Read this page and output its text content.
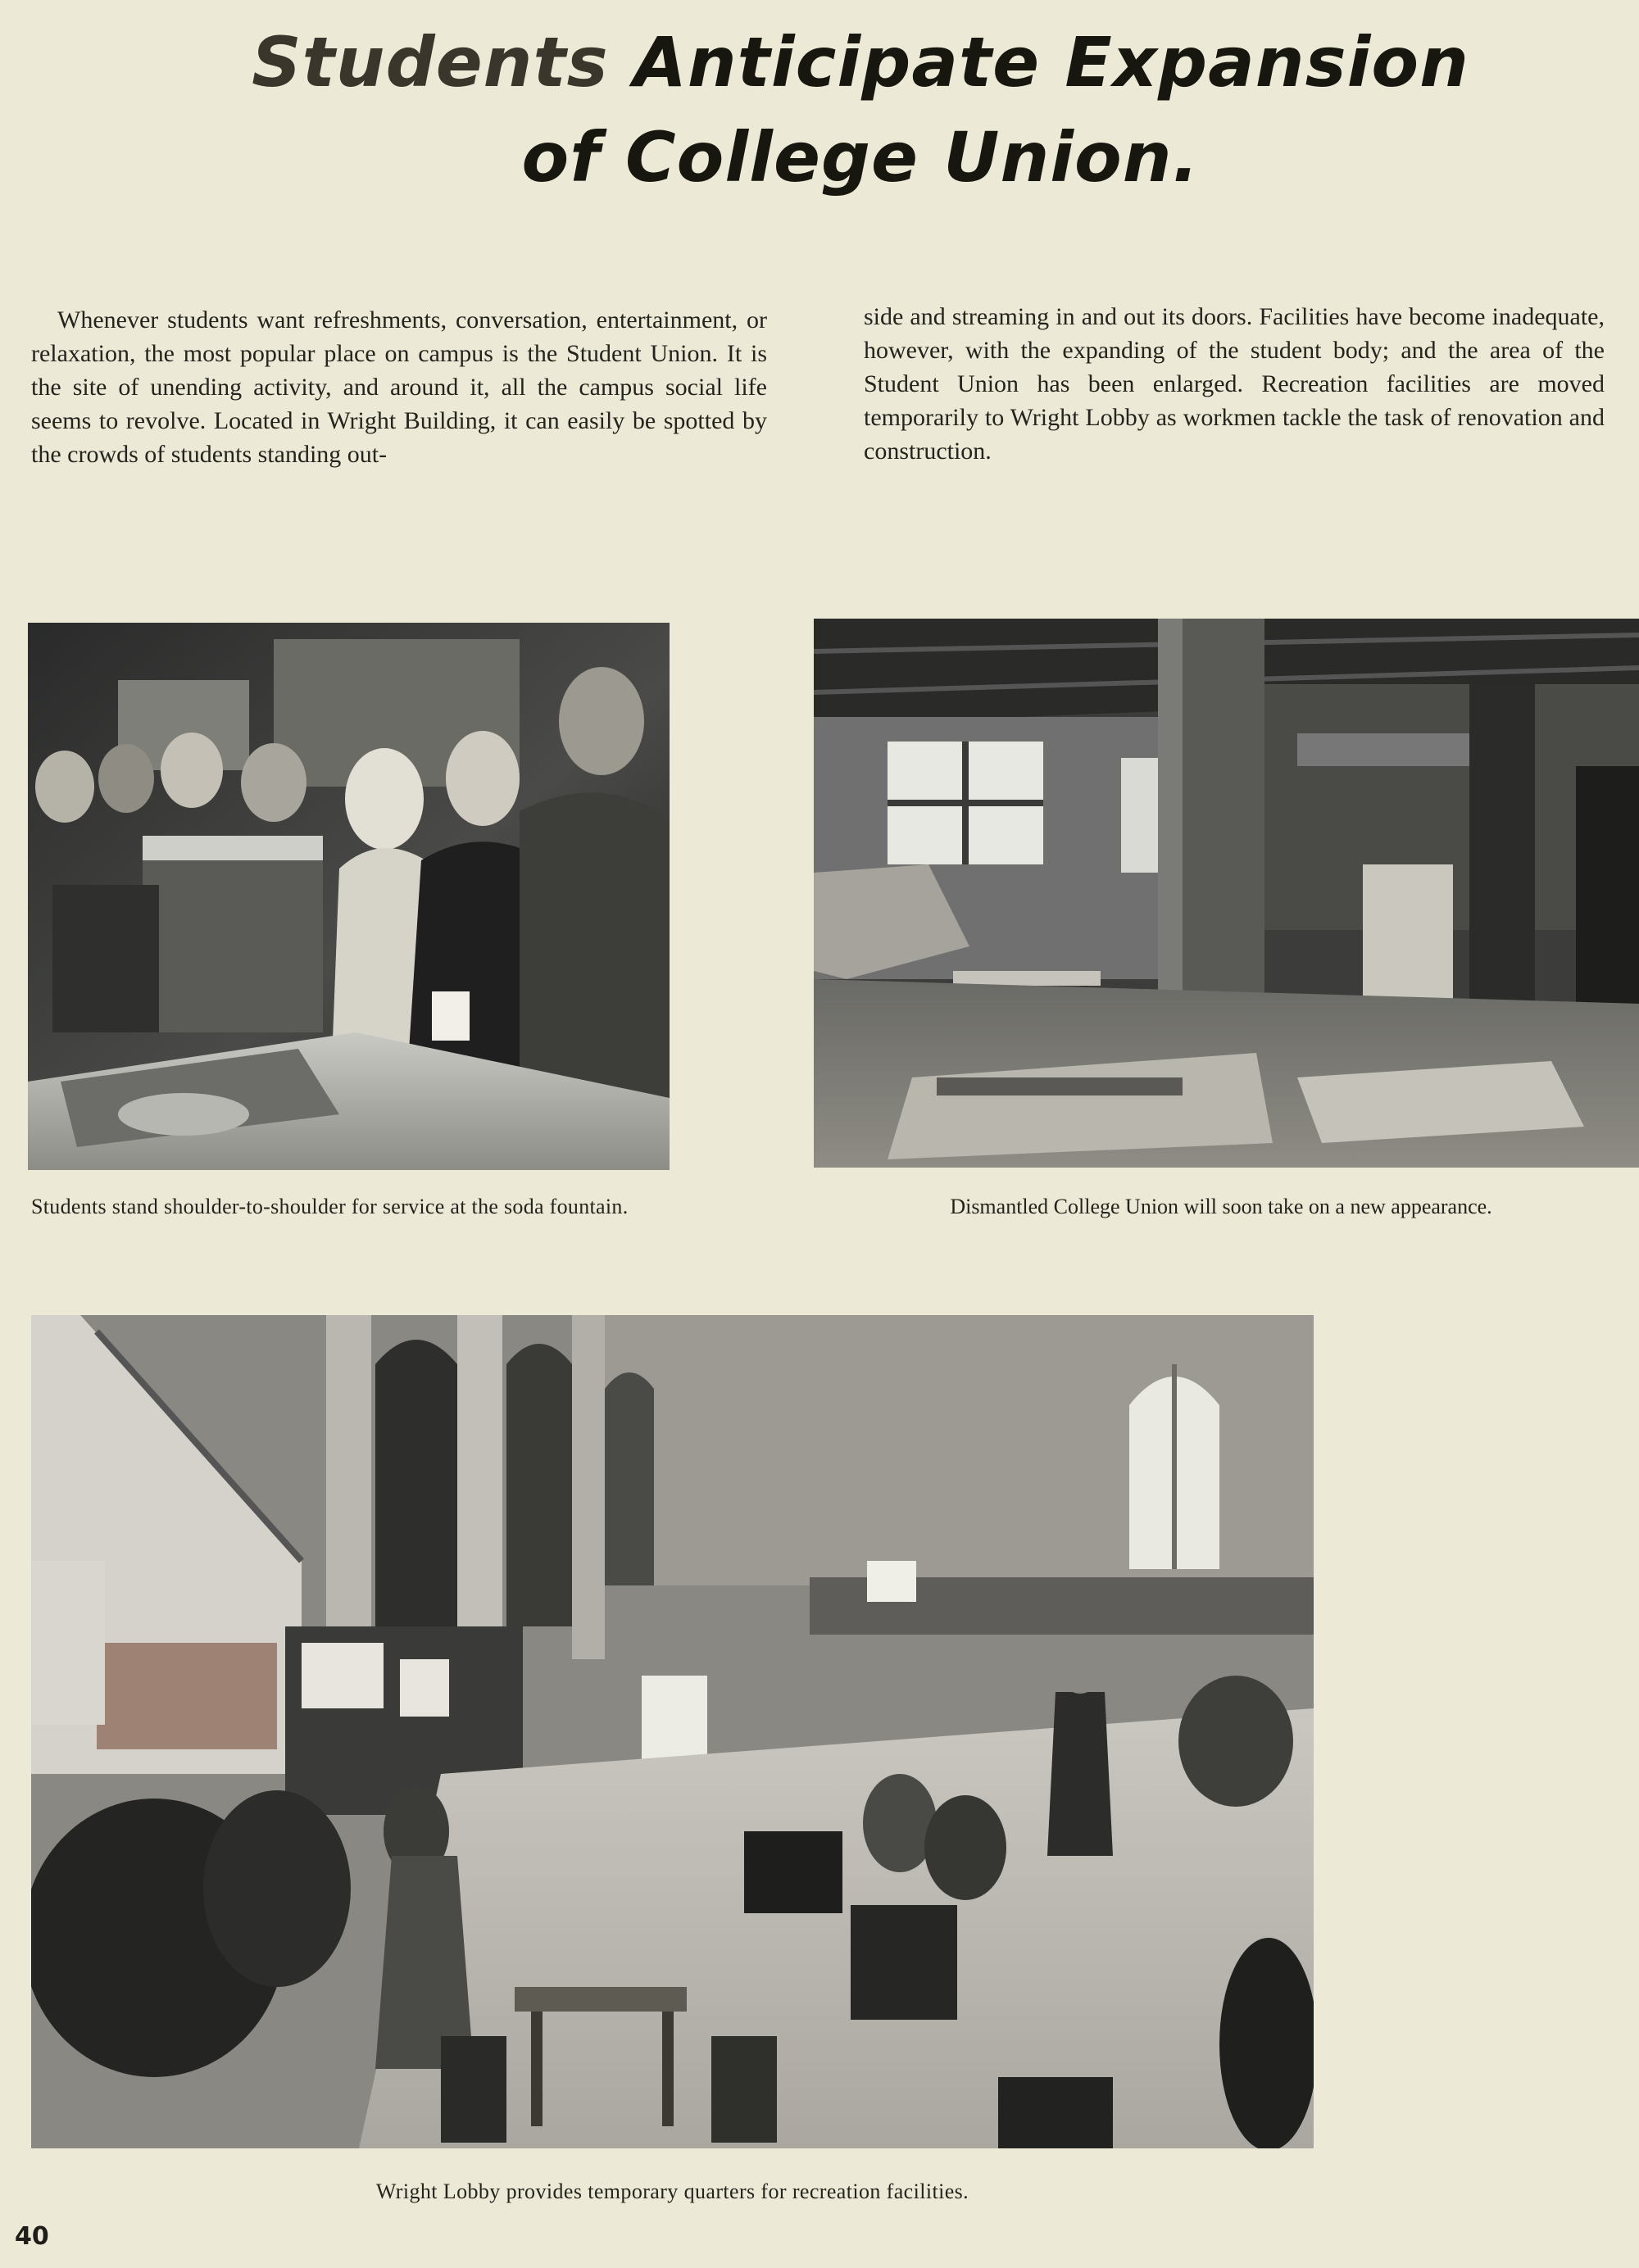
Students Anticipate Expansion of College Union.

Whenever students want refreshments, conversation, entertainment, or relaxation, the most popular place on campus is the Student Union. It is the site of unending activity, and around it, all the campus social life seems to revolve. Located in Wright Building, it can easily be spotted by the crowds of students standing out-

side and streaming in and out its doors. Facilities have become inadequate, however, with the expanding of the student body; and the area of the Student Union has been enlarged. Recreation facilities are moved temporarily to Wright Lobby as workmen tackle the task of renovation and construction.

Students stand shoulder-to-shoulder for service at the soda fountain.	Dismantled College Union will soon take on a new appearance.

Wright Lobby provides temporary quarters for recreation facilities.

40
